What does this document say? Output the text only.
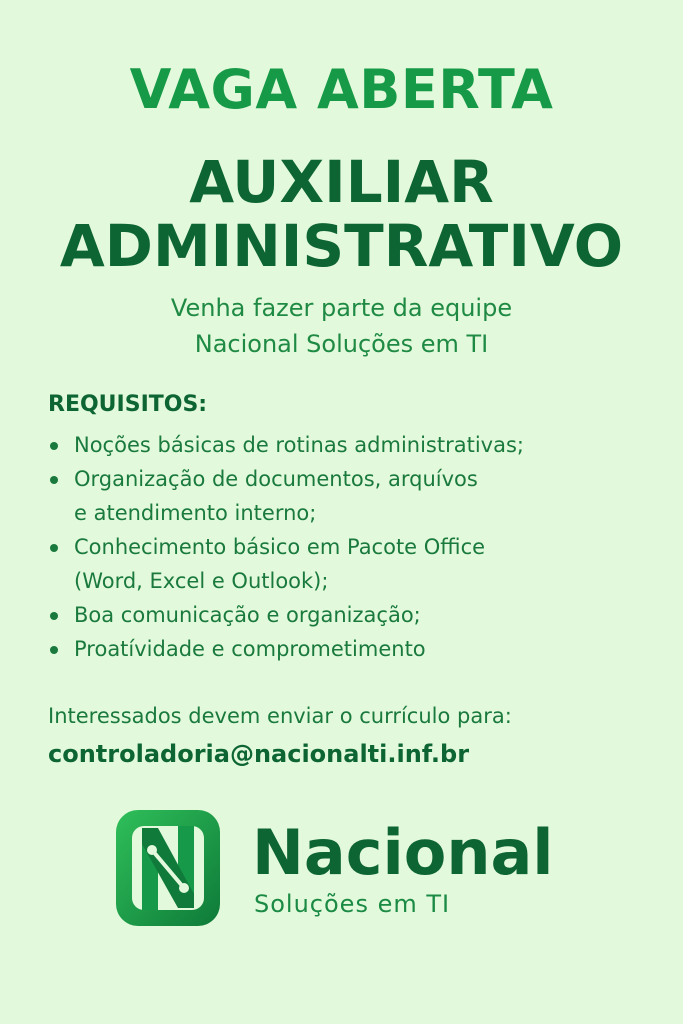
VAGA ABERTA
AUXILIAR
ADMINISTRATIVO

Venha fazer parte da equipe
Nacional Soluções em TI

REQUISITOS:
Noções básicas de rotinas administrativas;
Organização de documentos, arquívos
e atendimento interno;
Conhecimento básico em Pacote Office
(Word, Excel e Outlook);
Boa comunicação e organização;
Proatívidade e comprometimento

Interessados devem enviar o currículo para:

controladoria@nacionalti.inf.br

Nacional

Soluções em TI
